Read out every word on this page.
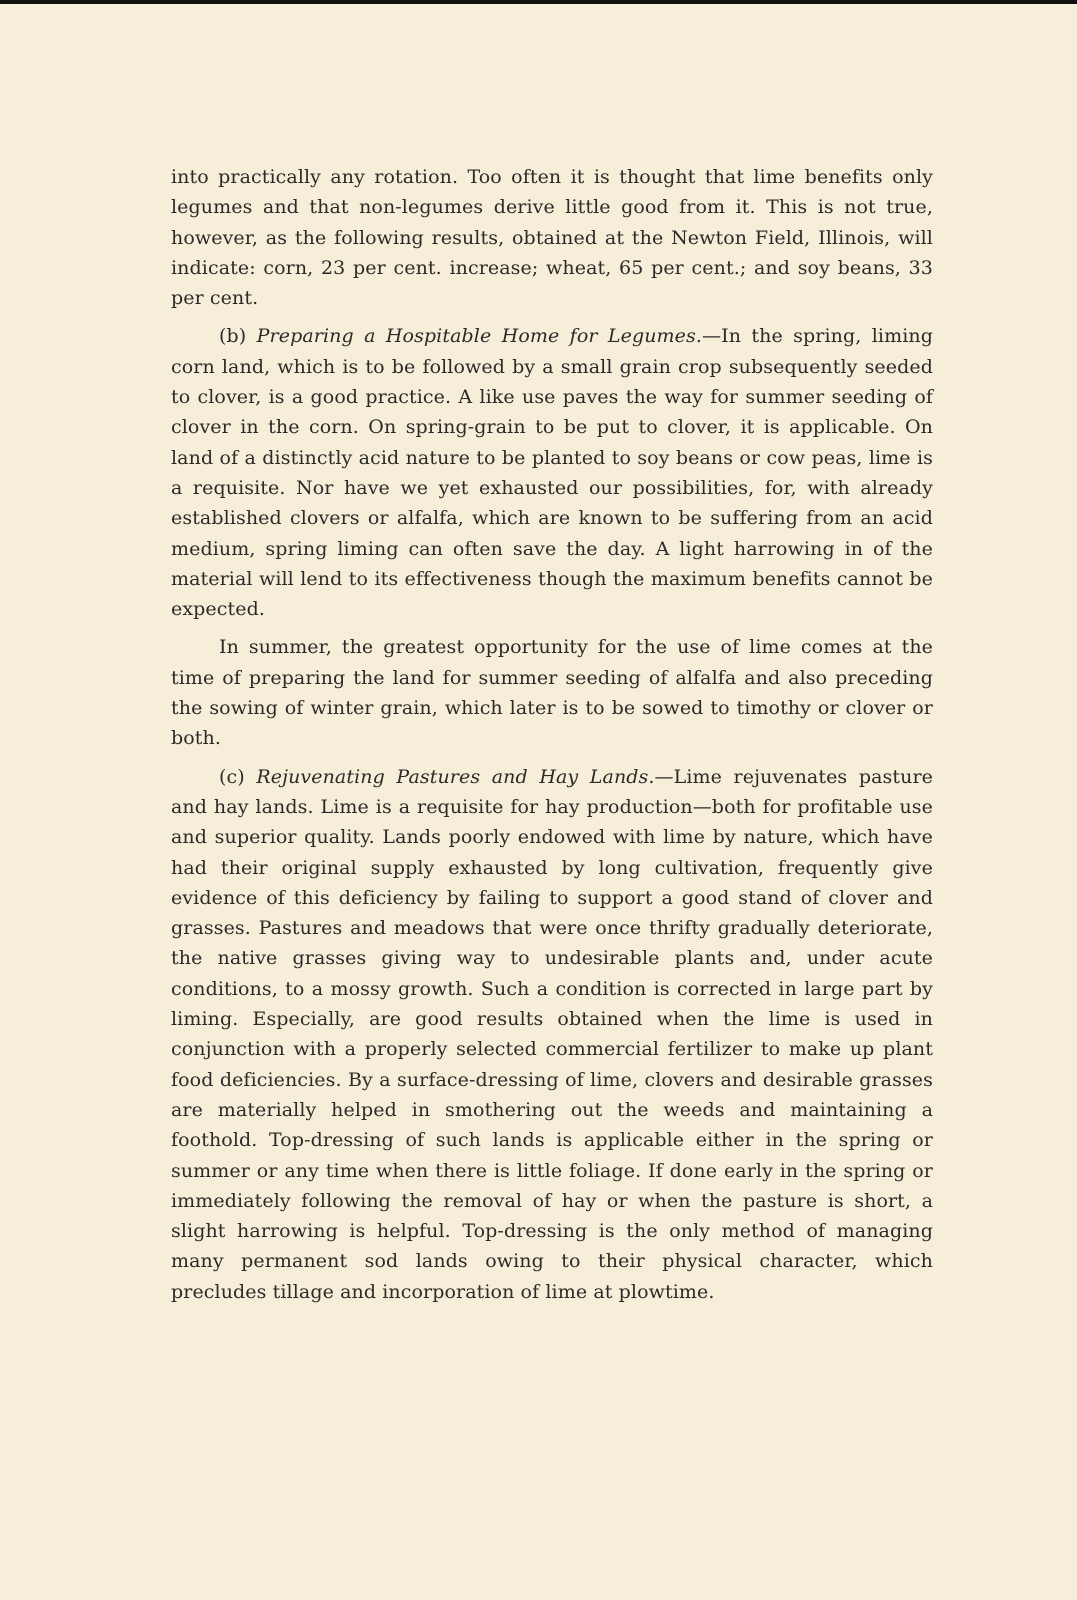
into practically any rotation. Too often it is thought that lime benefits only legumes and that non-legumes derive little good from it. This is not true, however, as the following results, obtained at the Newton Field, Illinois, will indicate: corn, 23 per cent. increase; wheat, 65 per cent.; and soy beans, 33 per cent.

(b) Preparing a Hospitable Home for Legumes.—In the spring, liming corn land, which is to be followed by a small grain crop subsequently seeded to clover, is a good practice. A like use paves the way for summer seeding of clover in the corn. On spring-grain to be put to clover, it is applicable. On land of a distinctly acid nature to be planted to soy beans or cow peas, lime is a requisite. Nor have we yet exhausted our possibilities, for, with already established clovers or alfalfa, which are known to be suffering from an acid medium, spring liming can often save the day. A light harrowing in of the material will lend to its effectiveness though the maximum benefits cannot be expected.

In summer, the greatest opportunity for the use of lime comes at the time of preparing the land for summer seeding of alfalfa and also preceding the sowing of winter grain, which later is to be sowed to timothy or clover or both.

(c) Rejuvenating Pastures and Hay Lands.—Lime rejuvenates pasture and hay lands. Lime is a requisite for hay production—both for profitable use and superior quality. Lands poorly endowed with lime by nature, which have had their original supply exhausted by long cultivation, frequently give evidence of this deficiency by failing to support a good stand of clover and grasses. Pastures and meadows that were once thrifty gradually deteriorate, the native grasses giving way to undesirable plants and, under acute conditions, to a mossy growth. Such a condition is corrected in large part by liming. Especially, are good results obtained when the lime is used in conjunction with a properly selected commercial fertilizer to make up plant food deficiencies. By a surface-dressing of lime, clovers and desirable grasses are materially helped in smothering out the weeds and maintaining a foothold. Top-dressing of such lands is applicable either in the spring or summer or any time when there is little foliage. If done early in the spring or immediately following the removal of hay or when the pasture is short, a slight harrowing is helpful. Top-dressing is the only method of managing many permanent sod lands owing to their physical character, which precludes tillage and incorporation of lime at plowtime.
